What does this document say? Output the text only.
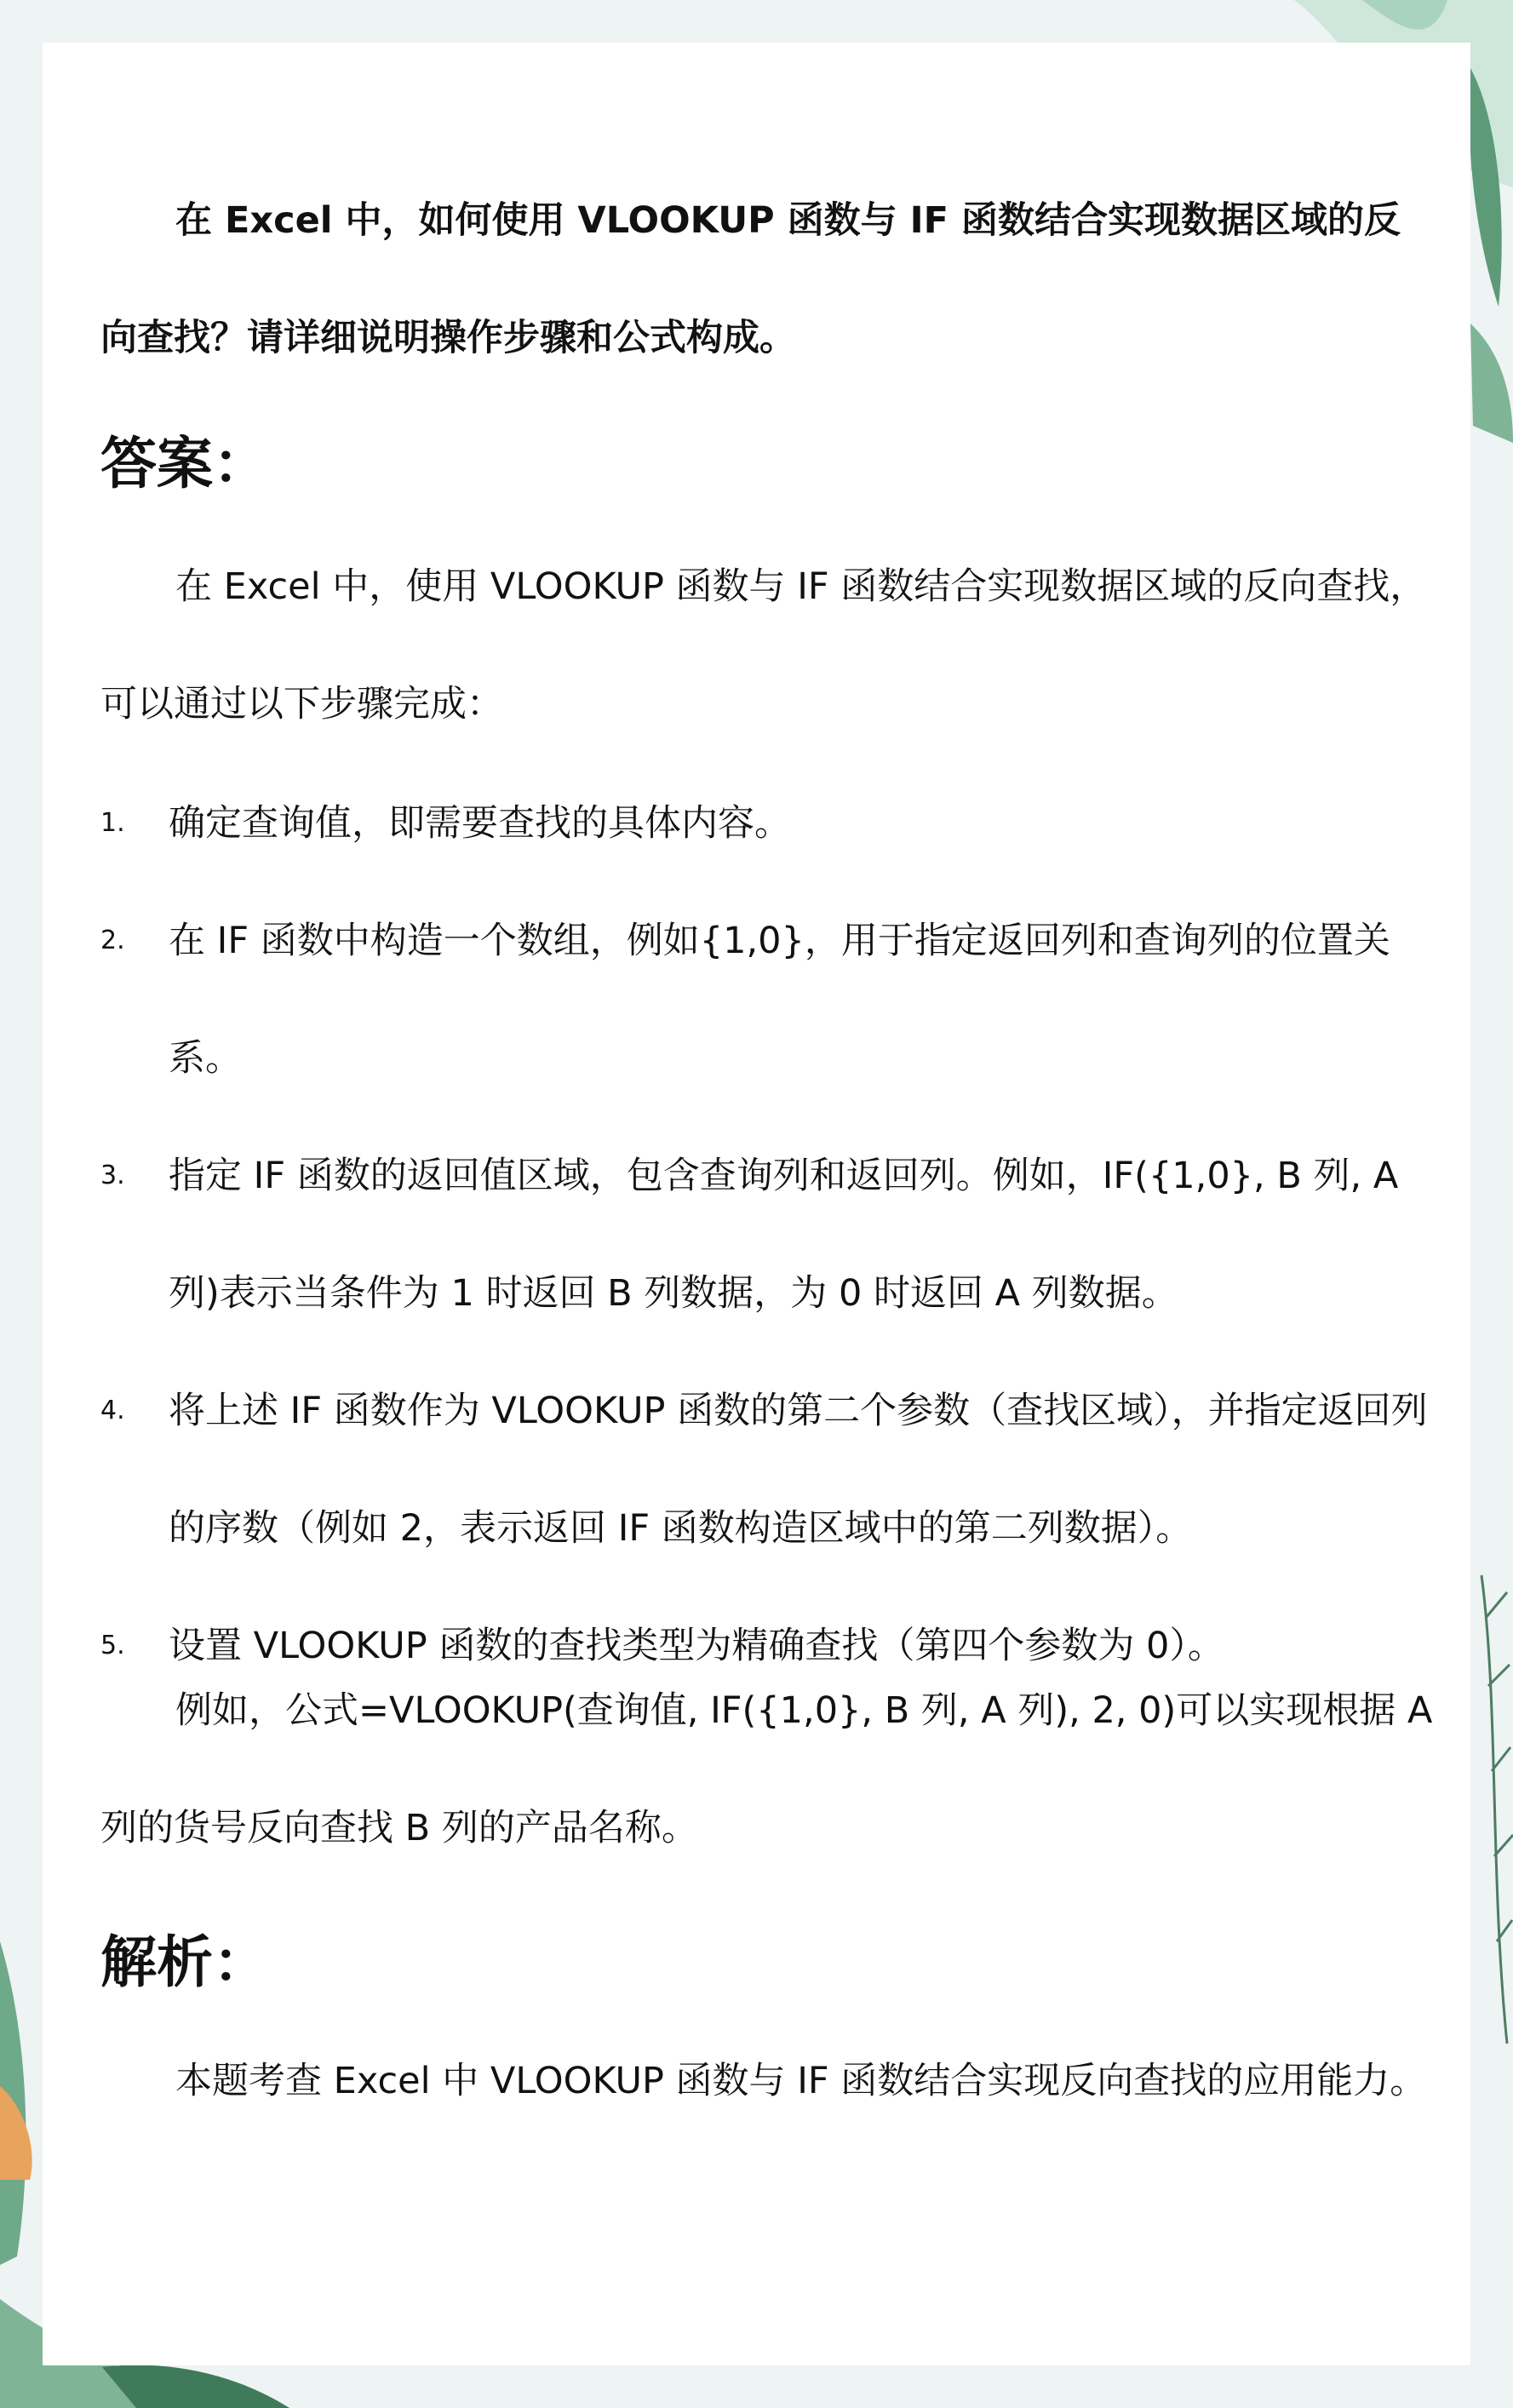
在 Excel 中，如何使用 VLOOKUP 函数与 IF 函数结合实现数据区域的反向查找？请详细说明操作步骤和公式构成。

答案：

在 Excel 中，使用 VLOOKUP 函数与 IF 函数结合实现数据区域的反向查找，可以通过以下步骤完成：

1. 确定查询值，即需要查找的具体内容。
2. 在 IF 函数中构造一个数组，例如{1,0}，用于指定返回列和查询列的位置关系。
3. 指定 IF 函数的返回值区域，包含查询列和返回列。例如，IF({1,0}, B 列, A 列)表示当条件为 1 时返回 B 列数据，为 0 时返回 A 列数据。
4. 将上述 IF 函数作为 VLOOKUP 函数的第二个参数（查找区域），并指定返回列的序数（例如 2，表示返回 IF 函数构造区域中的第二列数据）。
5. 设置 VLOOKUP 函数的查找类型为精确查找（第四个参数为 0）。

例如，公式=VLOOKUP(查询值, IF({1,0}, B 列, A 列), 2, 0)可以实现根据 A 列的货号反向查找 B 列的产品名称。

解析：

本题考查 Excel 中 VLOOKUP 函数与 IF 函数结合实现反向查找的应用能力。
